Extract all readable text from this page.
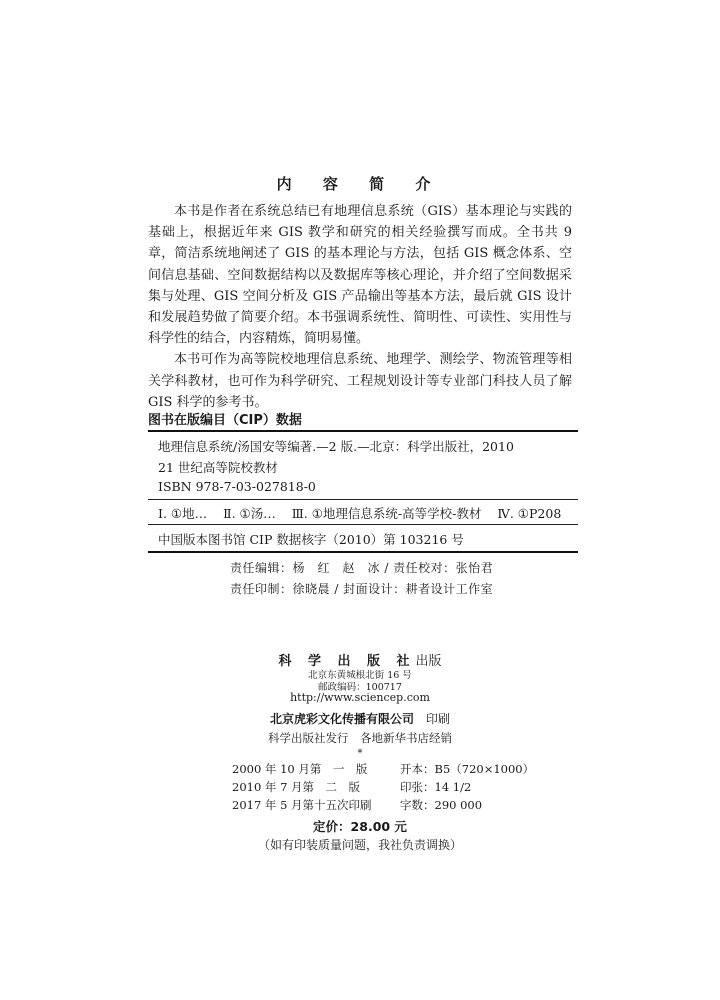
内 容 简 介

本书是作者在系统总结已有地理信息系统（GIS）基本理论与实践的基础上，根据近年来 GIS 教学和研究的相关经验撰写而成。全书共 9 章，简洁系统地阐述了 GIS 的基本理论与方法，包括 GIS 概念体系、空间信息基础、空间数据结构以及数据库等核心理论，并介绍了空间数据采集与处理、GIS 空间分析及 GIS 产品输出等基本方法，最后就 GIS 设计和发展趋势做了简要介绍。本书强调系统性、简明性、可读性、实用性与科学性的结合，内容精炼，简明易懂。

本书可作为高等院校地理信息系统、地理学、测绘学、物流管理等相关学科教材，也可作为科学研究、工程规划设计等专业部门科技人员了解 GIS 科学的参考书。

图书在版编目（CIP）数据
地理信息系统/汤国安等编著.—2 版.—北京：科学出版社，2010
21 世纪高等院校教材
ISBN 978-7-03-027818-0
Ⅰ. ①地… Ⅱ. ①汤… Ⅲ. ①地理信息系统-高等学校-教材 Ⅳ. ①P208
中国版本图书馆 CIP 数据核字（2010）第 103216 号
责任编辑：杨　红　赵　冰 / 责任校对：张怡君
责任印制：徐晓晨 / 封面设计：耕者设计工作室
科 学 出 版 社出版
北京东黄城根北街 16 号
邮政编码：100717
http://www.sciencep.com
北京虎彩文化传播有限公司　 印刷
科学出版社发行　各地新华书店经销
*
2000 年 10 月第　一　版	开本：B5（720×1000）
2010 年 7 月第　二　版	印张：14 1/2
2017 年 5 月第十五次印刷 字数：290 000
定价：28.00 元
（如有印装质量问题，我社负责调换）
